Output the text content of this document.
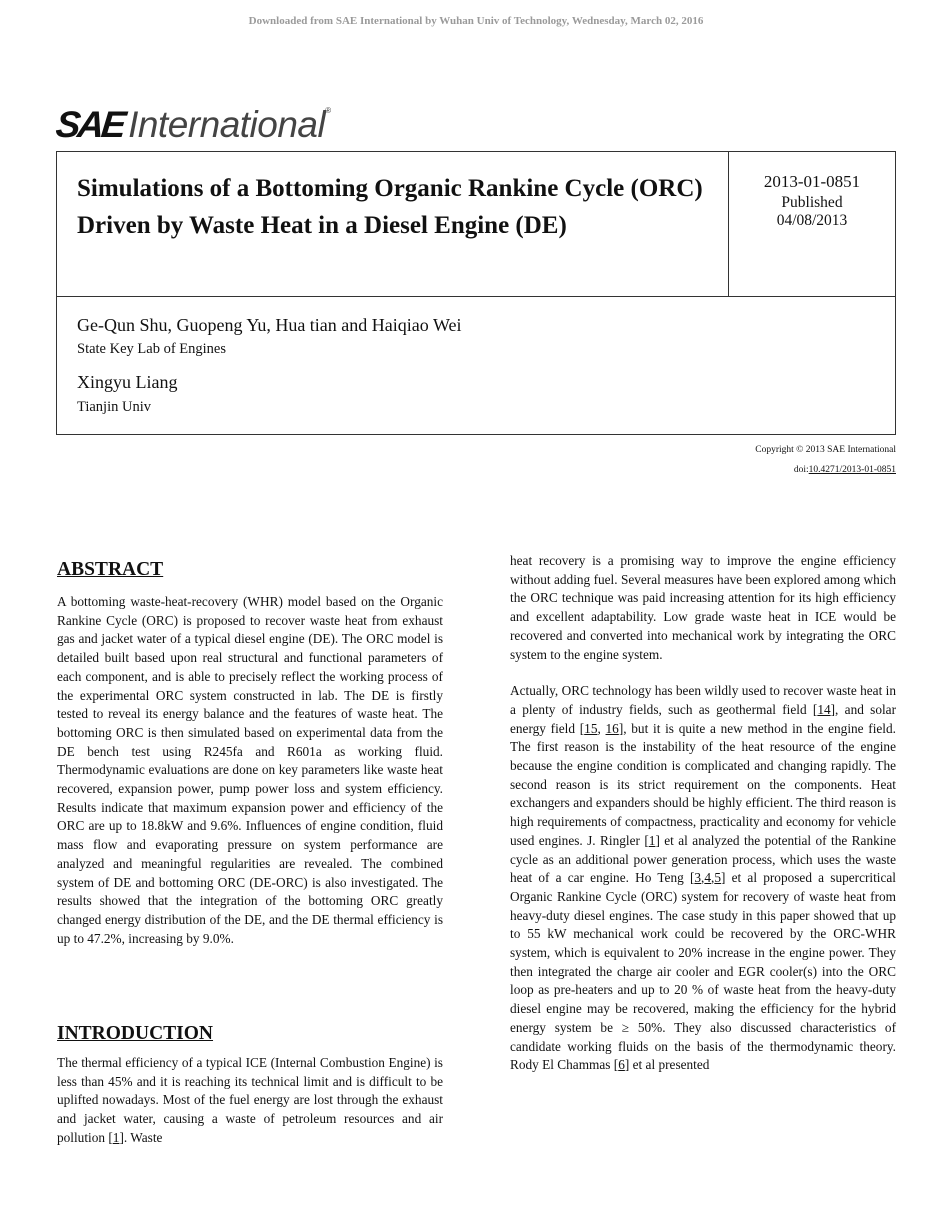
Downloaded from SAE International by Wuhan Univ of Technology, Wednesday, March 02, 2016
SAE International ®
Simulations of a Bottoming Organic Rankine Cycle (ORC) Driven by Waste Heat in a Diesel Engine (DE)
2013-01-0851
Published
04/08/2013
Ge-Qun Shu, Guopeng Yu, Hua tian and Haiqiao Wei
State Key Lab of Engines
Xingyu Liang
Tianjin Univ
Copyright © 2013 SAE International
doi:10.4271/2013-01-0851
ABSTRACT

A bottoming waste-heat-recovery (WHR) model based on the Organic Rankine Cycle (ORC) is proposed to recover waste heat from exhaust gas and jacket water of a typical diesel engine (DE). The ORC model is detailed built based upon real structural and functional parameters of each component, and is able to precisely reflect the working process of the experimental ORC system constructed in lab. The DE is firstly tested to reveal its energy balance and the features of waste heat. The bottoming ORC is then simulated based on experimental data from the DE bench test using R245fa and R601a as working fluid. Thermodynamic evaluations are done on key parameters like waste heat recovered, expansion power, pump power loss and system efficiency. Results indicate that maximum expansion power and efficiency of the ORC are up to 18.8kW and 9.6%. Influences of engine condition, fluid mass flow and evaporating pressure on system performance are analyzed and meaningful regularities are revealed. The combined system of DE and bottoming ORC (DE-ORC) is also investigated. The results showed that the integration of the bottoming ORC greatly changed energy distribution of the DE, and the DE thermal efficiency is up to 47.2%, increasing by 9.0%.

INTRODUCTION

The thermal efficiency of a typical ICE (Internal Combustion Engine) is less than 45% and it is reaching its technical limit and is difficult to be uplifted nowadays. Most of the fuel energy are lost through the exhaust and jacket water, causing a waste of petroleum resources and air pollution [1]. Waste

heat recovery is a promising way to improve the engine efficiency without adding fuel. Several measures have been explored among which the ORC technique was paid increasing attention for its high efficiency and excellent adaptability. Low grade waste heat in ICE would be recovered and converted into mechanical work by integrating the ORC system to the engine system.

Actually, ORC technology has been wildly used to recover waste heat in a plenty of industry fields, such as geothermal field [14], and solar energy field [15, 16], but it is quite a new method in the engine field. The first reason is the instability of the heat resource of the engine because the engine condition is complicated and changing rapidly. The second reason is its strict requirement on the components. Heat exchangers and expanders should be highly efficient. The third reason is high requirements of compactness, practicality and economy for vehicle used engines. J. Ringler [1] et al analyzed the potential of the Rankine cycle as an additional power generation process, which uses the waste heat of a car engine. Ho Teng [3,4,5] et al proposed a supercritical Organic Rankine Cycle (ORC) system for recovery of waste heat from heavy-duty diesel engines. The case study in this paper showed that up to 55 kW mechanical work could be recovered by the ORC-WHR system, which is equivalent to 20% increase in the engine power. They then integrated the charge air cooler and EGR cooler(s) into the ORC loop as pre-heaters and up to 20 % of waste heat from the heavy-duty diesel engine may be recovered, making the efficiency for the hybrid energy system be ≥ 50%. They also discussed characteristics of candidate working fluids on the basis of the thermodynamic theory. Rody El Chammas [6] et al presented
